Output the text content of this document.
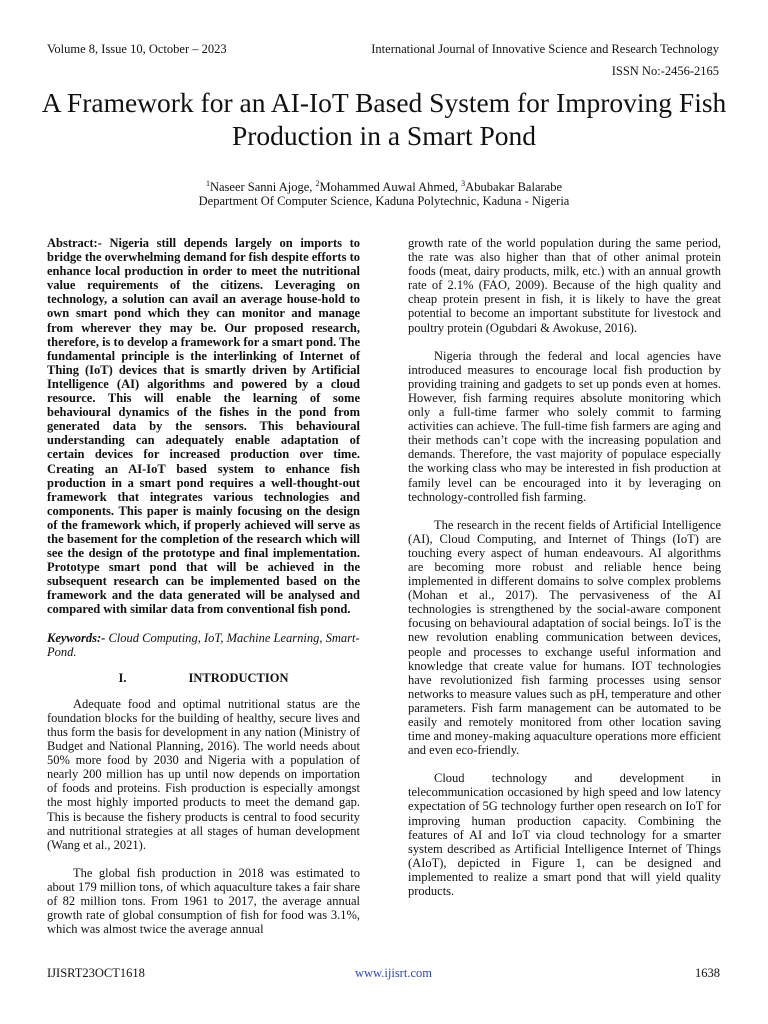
Volume 8, Issue 10, October – 2023	International Journal of Innovative Science and Research Technology
ISSN No:-2456-2165
A Framework for an AI-IoT Based System for Improving Fish Production in a Smart Pond
$^1$Naseer Sanni Ajoge, $^2$Mohammed Auwal Ahmed, $^3$Abubakar Balarabe
Department Of Computer Science, Kaduna Polytechnic, Kaduna - Nigeria

Abstract:- Nigeria still depends largely on imports to bridge the overwhelming demand for fish despite efforts to enhance local production in order to meet the nutritional value requirements of the citizens. Leveraging on technology, a solution can avail an average house-hold to own smart pond which they can monitor and manage from wherever they may be. Our proposed research, therefore, is to develop a framework for a smart pond. The fundamental principle is the interlinking of Internet of Thing (IoT) devices that is smartly driven by Artificial Intelligence (AI) algorithms and powered by a cloud resource. This will enable the learning of some behavioural dynamics of the fishes in the pond from generated data by the sensors. This behavioural understanding can adequately enable adaptation of certain devices for increased production over time. Creating an AI-IoT based system to enhance fish production in a smart pond requires a well-thought-out framework that integrates various technologies and components. This paper is mainly focusing on the design of the framework which, if properly achieved will serve as the basement for the completion of the research which will see the design of the prototype and final implementation. Prototype smart pond that will be achieved in the subsequent research can be implemented based on the framework and the data generated will be analysed and compared with similar data from conventional fish pond.

Keywords:- Cloud Computing, IoT, Machine Learning, Smart-Pond.

I.	INTRODUCTION

Adequate food and optimal nutritional status are the foundation blocks for the building of healthy, secure lives and thus form the basis for development in any nation (Ministry of Budget and National Planning, 2016). The world needs about 50% more food by 2030 and Nigeria with a population of nearly 200 million has up until now depends on importation of foods and proteins. Fish production is especially amongst the most highly imported products to meet the demand gap. This is because the fishery products is central to food security and nutritional strategies at all stages of human development (Wang et al., 2021).

The global fish production in 2018 was estimated to about 179 million tons, of which aquaculture takes a fair share of 82 million tons. From 1961 to 2017, the average annual growth rate of global consumption of fish for food was 3.1%, which was almost twice the average annual

growth rate of the world population during the same period, the rate was also higher than that of other animal protein foods (meat, dairy products, milk, etc.) with an annual growth rate of 2.1% (FAO, 2009). Because of the high quality and cheap protein present in fish, it is likely to have the great potential to become an important substitute for livestock and poultry protein (Ogubdari & Awokuse, 2016).

Nigeria through the federal and local agencies have introduced measures to encourage local fish production by providing training and gadgets to set up ponds even at homes. However, fish farming requires absolute monitoring which only a full-time farmer who solely commit to farming activities can achieve. The full-time fish farmers are aging and their methods can’t cope with the increasing population and demands. Therefore, the vast majority of populace especially the working class who may be interested in fish production at family level can be encouraged into it by leveraging on technology-controlled fish farming.

The research in the recent fields of Artificial Intelligence (AI), Cloud Computing, and Internet of Things (IoT) are touching every aspect of human endeavours. AI algorithms are becoming more robust and reliable hence being implemented in different domains to solve complex problems (Mohan et al., 2017). The pervasiveness of the AI technologies is strengthened by the social-aware component focusing on behavioural adaptation of social beings. IoT is the new revolution enabling communication between devices, people and processes to exchange useful information and knowledge that create value for humans. IOT technologies have revolutionized fish farming processes using sensor networks to measure values such as pH, temperature and other parameters. Fish farm management can be automated to be easily and remotely monitored from other location saving time and money-making aquaculture operations more efficient and even eco-friendly.

Cloud technology and development in telecommunication occasioned by high speed and low latency expectation of 5G technology further open research on IoT for improving human production capacity. Combining the features of AI and IoT via cloud technology for a smarter system described as Artificial Intelligence Internet of Things (AIoT), depicted in Figure 1, can be designed and implemented to realize a smart pond that will yield quality products.

IJISRT23OCT1618	www.ijisrt.com	1638
